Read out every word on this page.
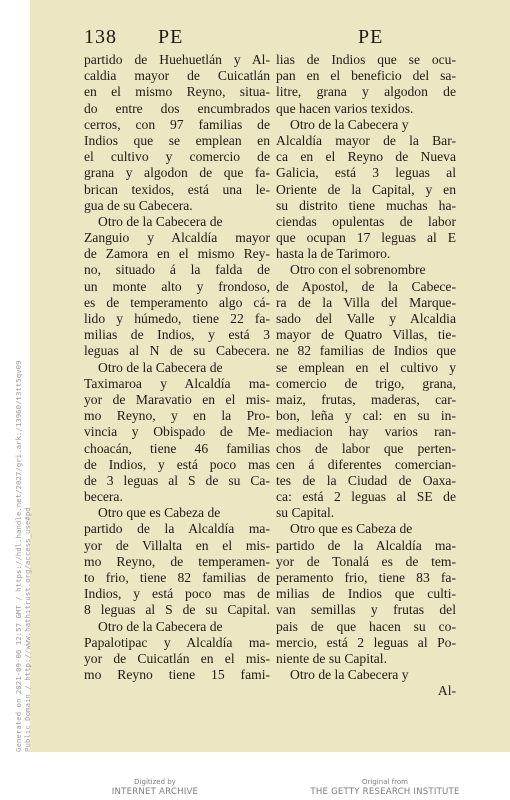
Generated on 2021-09-06 12:57 GMT / https://hdl.handle.net/2027/gri.ark:/13960/t3tt5qv09 Public Domain / http://www.hathitrust.org/access_use#pd
138 PE	PE
partido de Huehuetlán y Al-
caldia mayor de Cuicatlán
en el mismo Reyno, situa-
do entre dos encumbrados
cerros, con 97 familias de
Indios que se emplean en
el cultivo y comercio de
grana y algodon de que fa-
brican texidos, está una le-
gua de su Cabecera.
Otro de la Cabecera de
Zanguio y Alcaldía mayor
de Zamora en el mismo Rey-
no, situado á la falda de
un monte alto y frondoso,
es de temperamento algo cá-
lido y húmedo, tiene 22 fa-
milias de Indios, y está 3
leguas al N de su Cabecera.
Otro de la Cabecera de
Taximaroa y Alcaldía ma-
yor de Maravatio en el mis-
mo Reyno, y en la Pro-
vincia y Obispado de Me-
choacán, tiene 46 familias
de Indios, y está poco mas
de 3 leguas al S de su Ca-
becera.
Otro que es Cabeza de
partido de la Alcaldía ma-
yor de Villalta en el mis-
mo Reyno, de temperamen-
to frio, tiene 82 familias de
Indios, y está poco mas de
8 leguas al S de su Capital.
Otro de la Cabecera de
Papalotipac y Alcaldía ma-
yor de Cuicatlán en el mis-
mo Reyno tiene 15 fami-
lias de Indios que se ocu-
pan en el beneficio del sa-
litre, grana y algodon de
que hacen varios texidos.
Otro de la Cabecera y
Alcaldía mayor de la Bar-
ca en el Reyno de Nueva
Galicia, está 3 leguas al
Oriente de la Capital, y en
su distrito tiene muchas ha-
ciendas opulentas de labor
que ocupan 17 leguas al E
hasta la de Tarimoro.
Otro con el sobrenombre
de Apostol, de la Cabece-
ra de la Villa del Marque-
sado del Valle y Alcaldia
mayor de Quatro Villas, tie-
ne 82 familias de Indios que
se emplean en el cultivo y
comercio de trigo, grana,
maiz, frutas, maderas, car-
bon, leña y cal: en su in-
mediacion hay varios ran-
chos de labor que perten-
cen á diferentes comercian-
tes de la Ciudad de Oaxa-
ca: está 2 leguas al SE de
su Capital.
Otro que es Cabeza de
partido de la Alcaldía ma-
yor de Tonalá es de tem-
peramento frio, tiene 83 fa-
milias de Indios que culti-
van semillas y frutas del
pais de que hacen su co-
mercio, está 2 leguas al Po-
niente de su Capital.
Otro de la Cabecera y
Al-
Digitized by
INTERNET ARCHIVE
Original from
THE GETTY RESEARCH INSTITUTE
